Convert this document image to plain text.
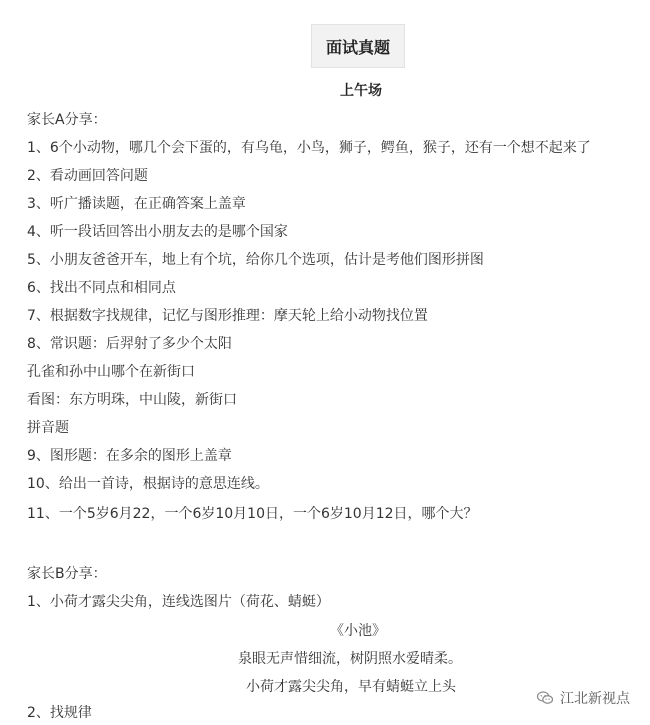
面试真题
上午场
家长A分享：
1、6个小动物，哪几个会下蛋的，有乌龟，小鸟，狮子，鳄鱼，猴子，还有一个想不起来了
2、看动画回答问题
3、听广播读题，在正确答案上盖章
4、听一段话回答出小朋友去的是哪个国家
5、小朋友爸爸开车，地上有个坑，给你几个选项，估计是考他们图形拼图
6、找出不同点和相同点
7、根据数字找规律，记忆与图形推理：摩天轮上给小动物找位置
8、常识题：后羿射了多少个太阳
孔雀和孙中山哪个在新街口
看图：东方明珠，中山陵，新街口
拼音题
9、图形题：在多余的图形上盖章
10、给出一首诗，根据诗的意思连线。
11、一个5岁6月22，一个6岁10月10日，一个6岁10月12日，哪个大？
家长B分享：
1、小荷才露尖尖角，连线选图片（荷花、蜻蜓）
《小池》
泉眼无声惜细流，树阴照水爱晴柔。
小荷才露尖尖角，早有蜻蜓立上头
2、找规律
江北新视点
